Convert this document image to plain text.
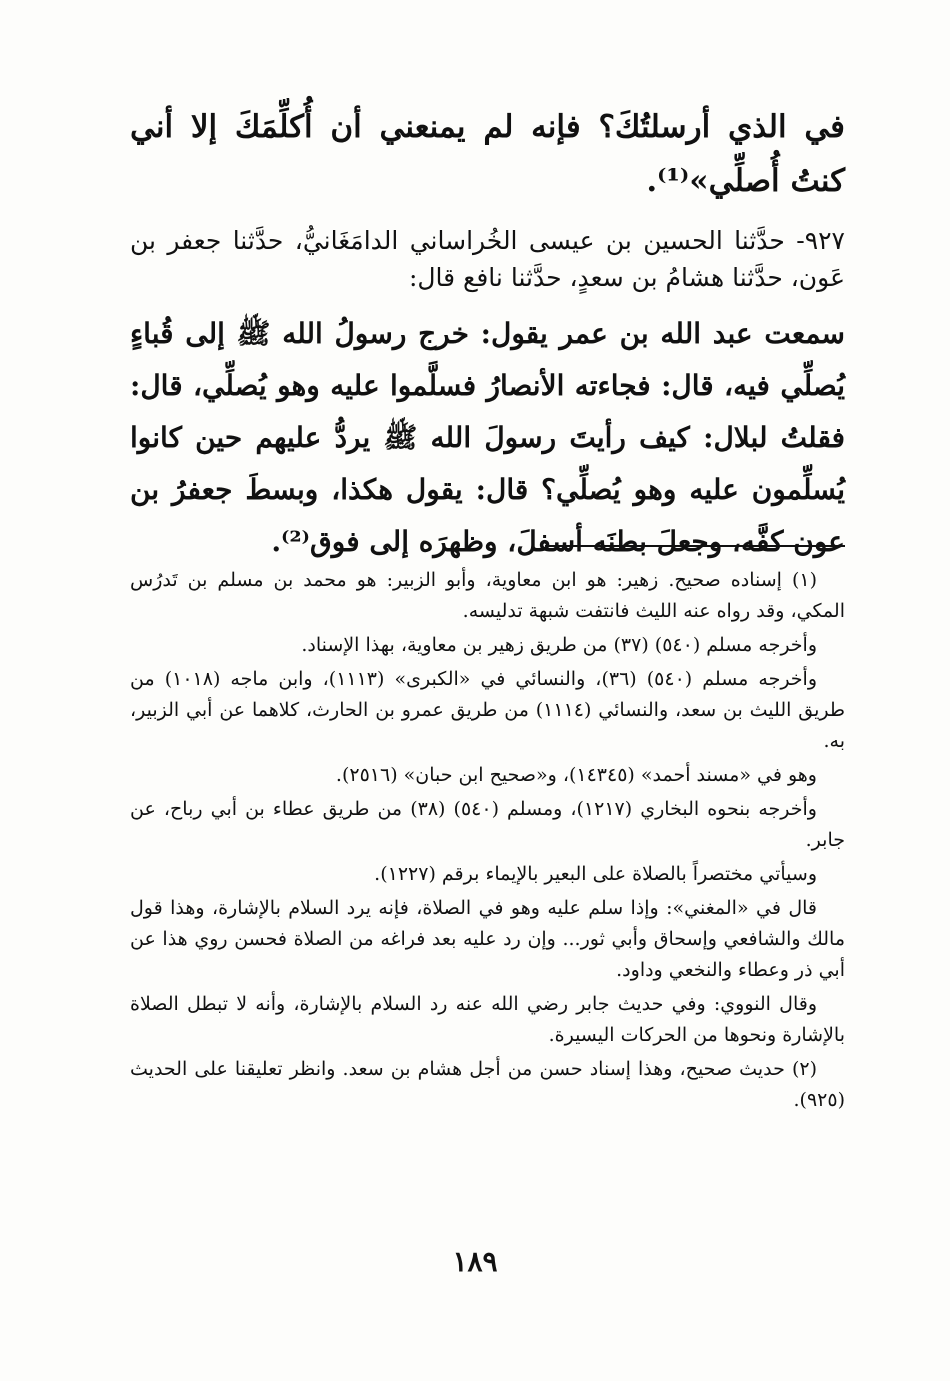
في الذي أرسلتُكَ؟ فإنه لم يمنعني أن أُكلِّمَكَ إلا أني كنتُ أُصلِّي»⁽¹⁾.

٩٢٧- حدَّثنا الحسين بن عيسى الخُراساني الدامَغَانيُّ، حدَّثنا جعفر بن عَون، حدَّثنا هشامُ بن سعدٍ، حدَّثنا نافع قال:

سمعت عبد الله بن عمر يقول: خرج رسولُ الله ﷺ إلى قُباءٍ يُصلِّي فيه، قال: فجاءته الأنصارُ فسلَّموا عليه وهو يُصلِّي، قال: فقلتُ لبلال: كيف رأيتَ رسولَ الله ﷺ يردُّ عليهم حين كانوا يُسلِّمون عليه وهو يُصلِّي؟ قال: يقول هكذا، وبسطَ جعفرُ بن عون كفَّه، وجعلَ بطنَه أسفلَ، وظهرَه إلى فوق⁽²⁾.

(١) إسناده صحيح. زهير: هو ابن معاوية، وأبو الزبير: هو محمد بن مسلم بن تَدرُس المكي، وقد رواه عنه الليث فانتفت شبهة تدليسه.

وأخرجه مسلم (٥٤٠) (٣٧) من طريق زهير بن معاوية، بهذا الإسناد.

وأخرجه مسلم (٥٤٠) (٣٦)، والنسائي في «الكبرى» (١١١٣)، وابن ماجه (١٠١٨) من طريق الليث بن سعد، والنسائي (١١١٤) من طريق عمرو بن الحارث، كلاهما عن أبي الزبير، به.

وهو في «مسند أحمد» (١٤٣٤٥)، و«صحيح ابن حبان» (٢٥١٦).

وأخرجه بنحوه البخاري (١٢١٧)، ومسلم (٥٤٠) (٣٨) من طريق عطاء بن أبي رباح، عن جابر.

وسيأتي مختصراً بالصلاة على البعير بالإيماء برقم (١٢٢٧).

قال في «المغني»: وإذا سلم عليه وهو في الصلاة، فإنه يرد السلام بالإشارة، وهذا قول مالك والشافعي وإسحاق وأبي ثور... وإن رد عليه بعد فراغه من الصلاة فحسن روي هذا عن أبي ذر وعطاء والنخعي وداود.

وقال النووي: وفي حديث جابر رضي الله عنه رد السلام بالإشارة، وأنه لا تبطل الصلاة بالإشارة ونحوها من الحركات اليسيرة.

(٢) حديث صحيح، وهذا إسناد حسن من أجل هشام بن سعد. وانظر تعليقنا على الحديث (٩٢٥).

١٨٩
